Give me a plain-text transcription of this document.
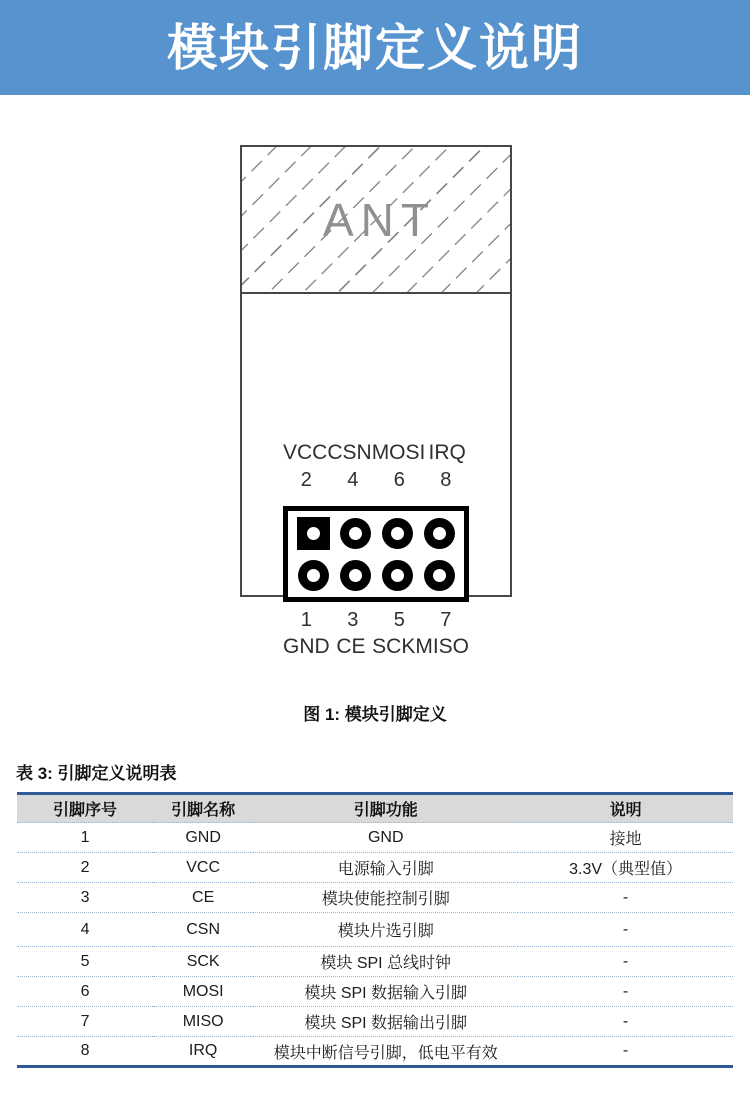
模块引脚定义说明
ANT
VCC CSN MOSI IRQ
2	4	6	8
1	3	5	7
GND CE SCK MISO
图 1: 模块引脚定义
表 3: 引脚定义说明表
引脚序号	引脚名称	引脚功能	说明
1	GND	GND	接地
2	VCC	电源输入引脚	3.3V（典型值）
3	CE	模块使能控制引脚	-
4	CSN	模块片选引脚	-
5	SCK	模块 SPI 总线时钟	-
6	MOSI	模块 SPI 数据输入引脚	-
7	MISO	模块 SPI 数据输出引脚	-
8	IRQ	模块中断信号引脚，低电平有效	-
